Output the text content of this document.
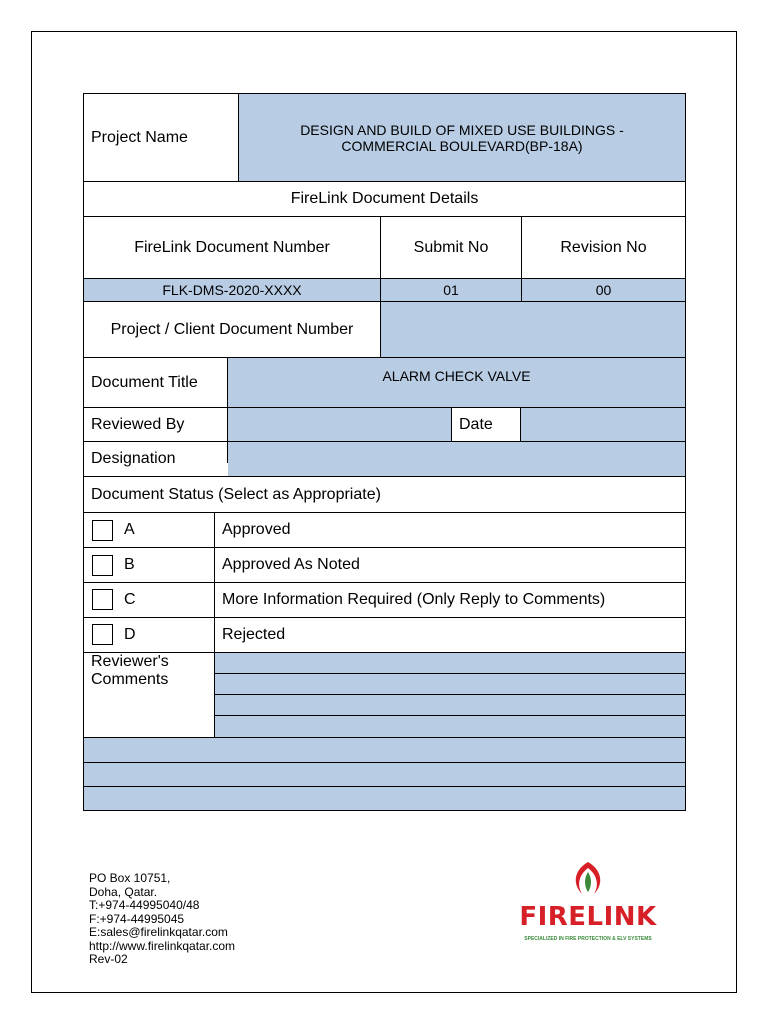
Project Name	DESIGN AND BUILD OF MIXED USE BUILDINGS -
COMMERCIAL BOULEVARD(BP-18A)
FireLink Document Details
FireLink Document Number	Submit No	Revision No
FLK-DMS-2020-XXXX	01	00
Project / Client Document Number
Document Title	ALARM CHECK VALVE
Reviewed By	Date
Designation
Document Status (Select as Appropriate)
A	Approved
B	Approved As Noted
C	More Information Required (Only Reply to Comments)
D	Rejected
Reviewer's
Comments
PO Box 10751,
Doha, Qatar.
T:+974-44995040/48
F:+974-44995045
E:sales@firelinkqatar.com
http://www.firelinkqatar.com
Rev-02
FIRELINK
SPECIALIZED IN FIRE PROTECTION & ELV SYSTEMS
